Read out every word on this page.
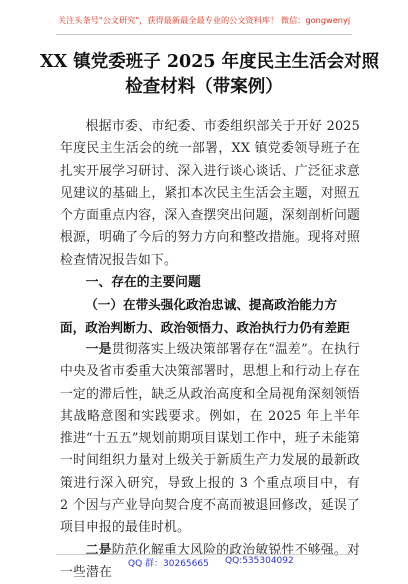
关注头条号"公文研究"，获得最新最全最专业的公文资料库！ 微信：gongwenyj
XX 镇党委班子 2025 年度民主生活会对照
检查材料（带案例）

根据市委、市纪委、市委组织部关于开好 2025 年度民主生活会的统一部署，XX 镇党委领导班子在扎实开展学习研讨、深入进行谈心谈话、广泛征求意见建议的基础上，紧扣本次民主生活会主题，对照五个方面重点内容，深入查摆突出问题，深刻剖析问题根源，明确了今后的努力方向和整改措施。现将对照检查情况报告如下。

一、存在的主要问题

（一）在带头强化政治忠诚、提高政治能力方面，政治判断力、政治领悟力、政治执行力仍有差距

一是贯彻落实上级决策部署存在“温差”。在执行中央及省市委重大决策部署时，思想上和行动上存在一定的滞后性，缺乏从政治高度和全局视角深刻领悟其战略意图和实践要求。例如，在 2025 年上半年推进“十五五”规划前期项目谋划工作中，班子未能第一时间组织力量对上级关于新质生产力发展的最新政策进行深入研究，导致上报的 3 个重点项目中，有 2 个因与产业导向契合度不高而被退回修改，延误了项目申报的最佳时机。

二是防范化解重大风险的政治敏锐性不够强。对一些潜在

QQ 群：30265665 QQ:535304092
